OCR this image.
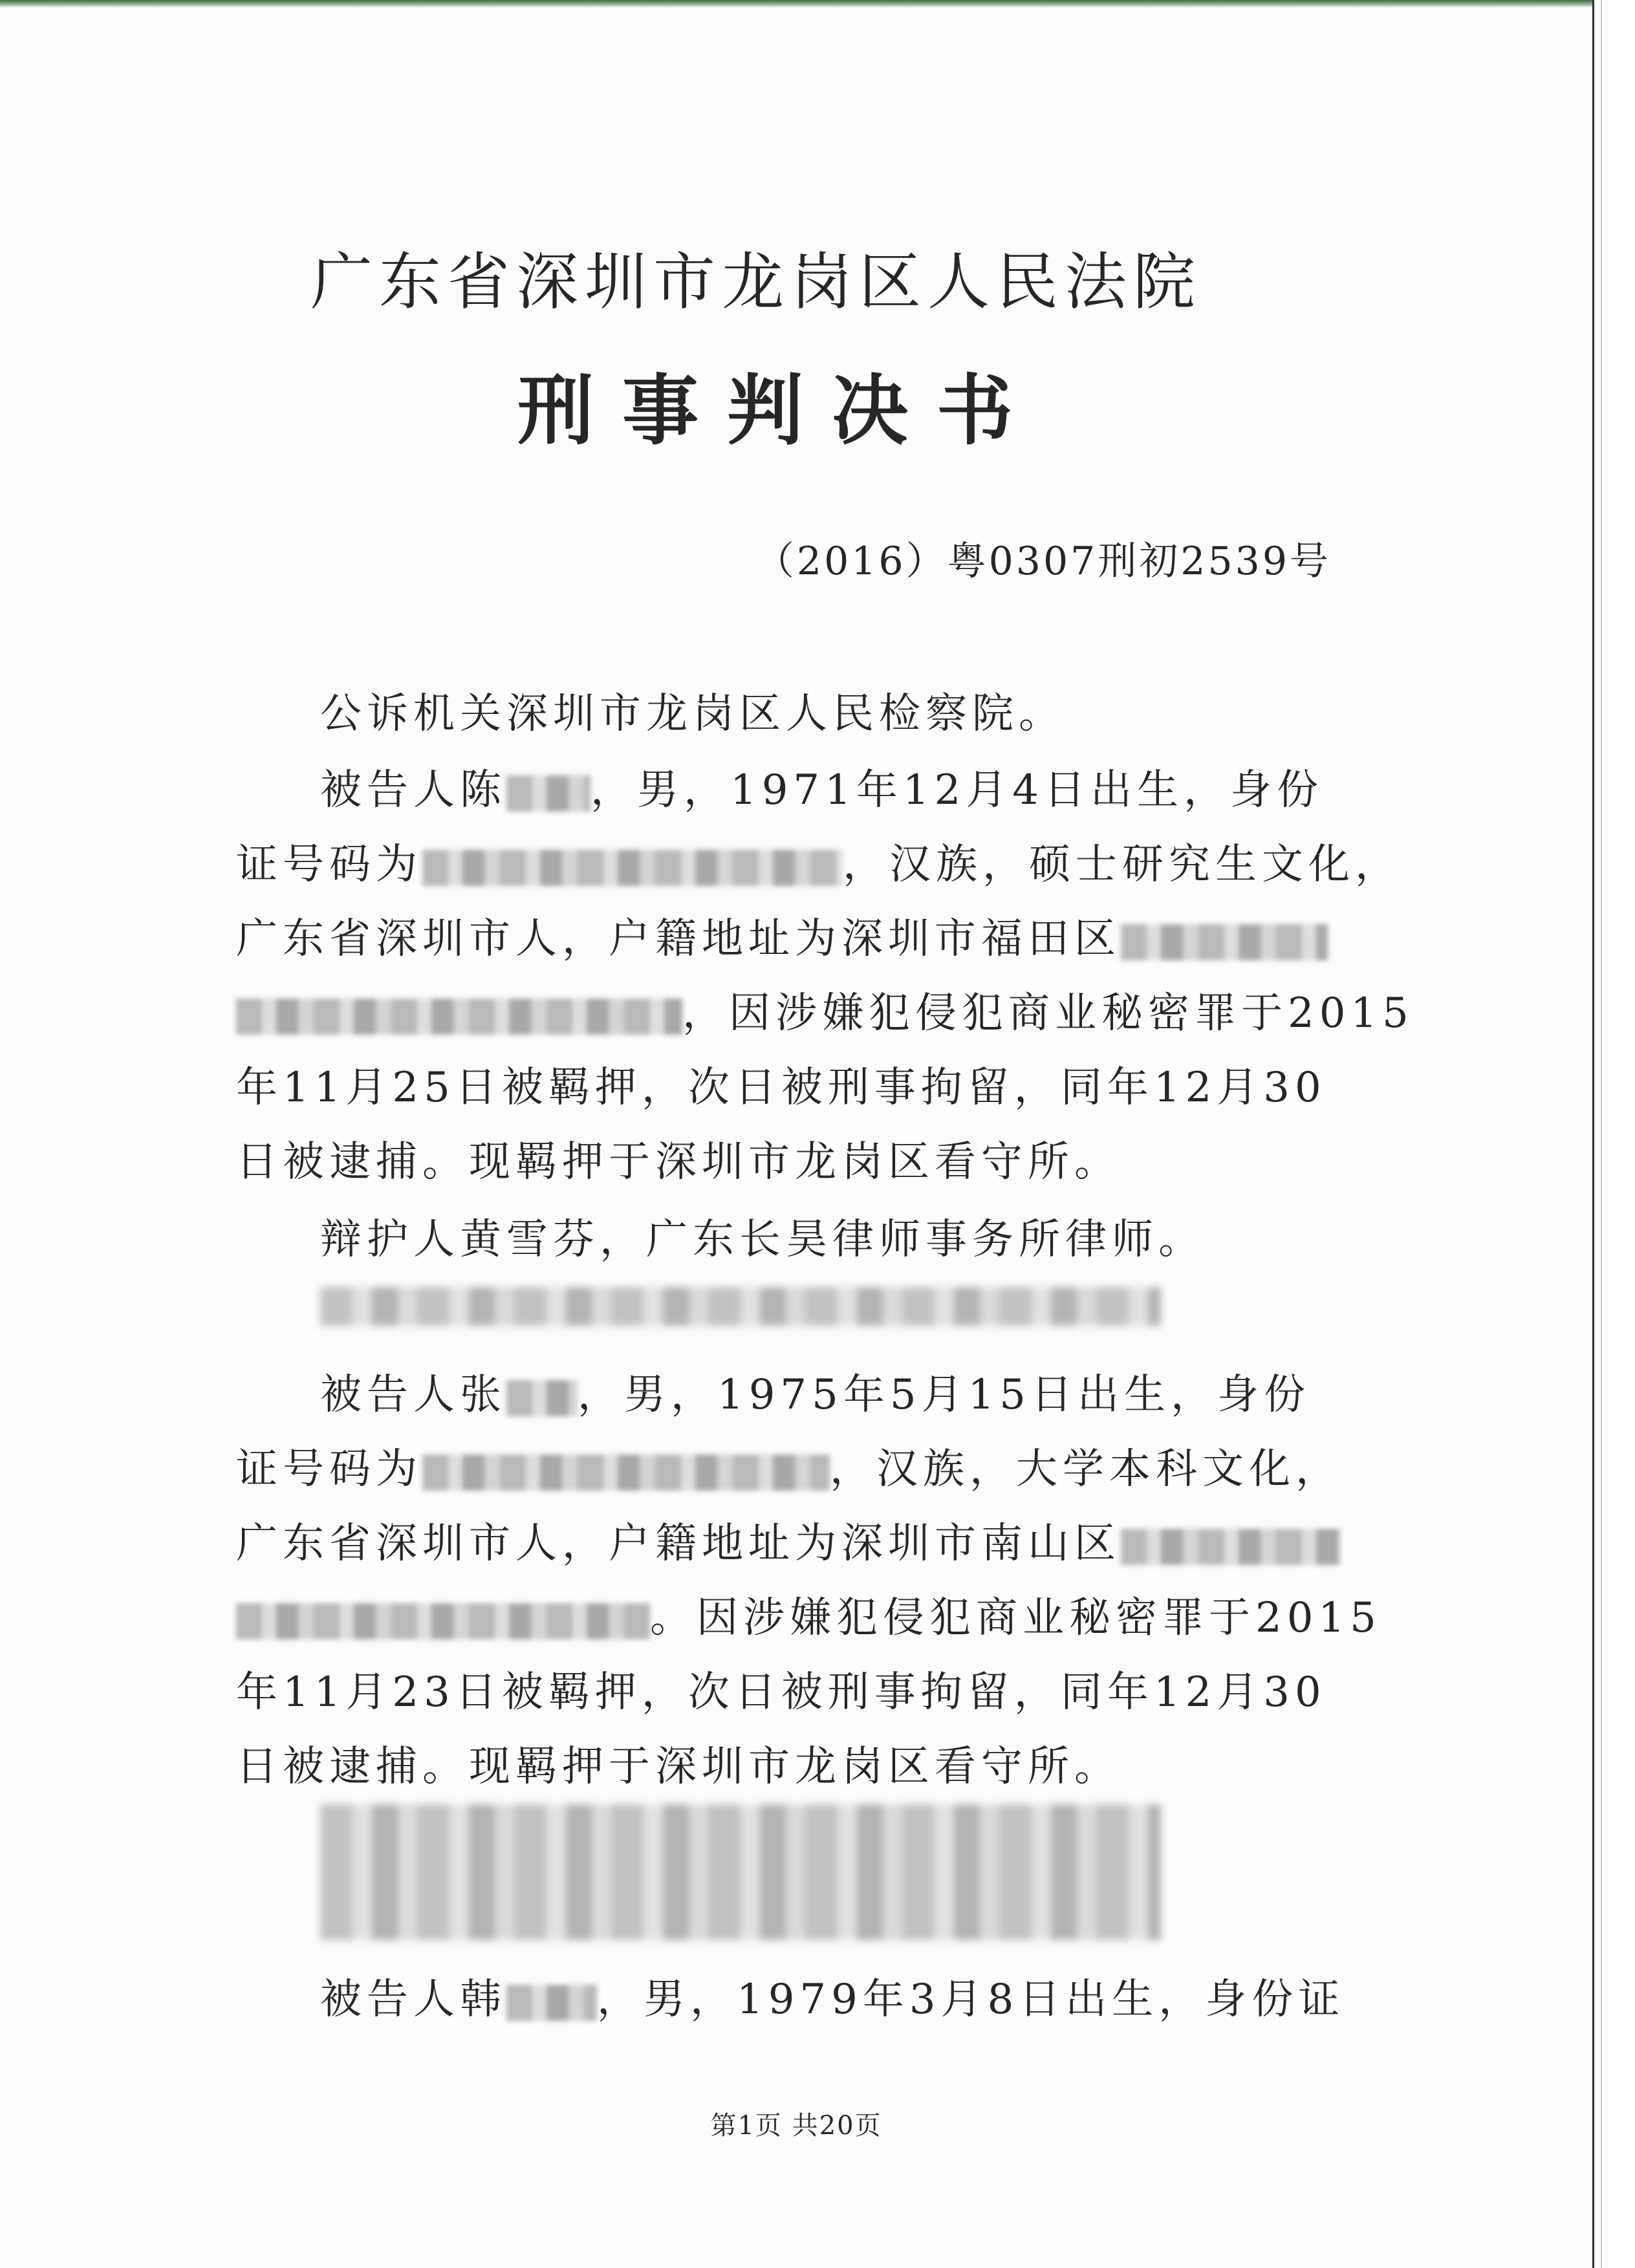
广东省深圳市龙岗区人民法院
刑事判决书
（2016）粤0307刑初2539号
公诉机关深圳市龙岗区人民检察院。
被告人陈 ，男，1971年12月4日出生，身份
证号码为	，汉族，硕士研究生文化，
广东省深圳市人，户籍地址为深圳市福田区
，因涉嫌犯侵犯商业秘密罪于2015
年11月25日被羁押，次日被刑事拘留，同年12月30
日被逮捕。现羁押于深圳市龙岗区看守所。
辩护人黄雪芬，广东长昊律师事务所律师。
被告人张 ，男，1975年5月15日出生，身份
证号码为	，汉族，大学本科文化，
广东省深圳市人，户籍地址为深圳市南山区
。因涉嫌犯侵犯商业秘密罪于2015
年11月23日被羁押，次日被刑事拘留，同年12月30
日被逮捕。现羁押于深圳市龙岗区看守所。
被告人韩 ，男，1979年3月8日出生，身份证
第1页 共20页
